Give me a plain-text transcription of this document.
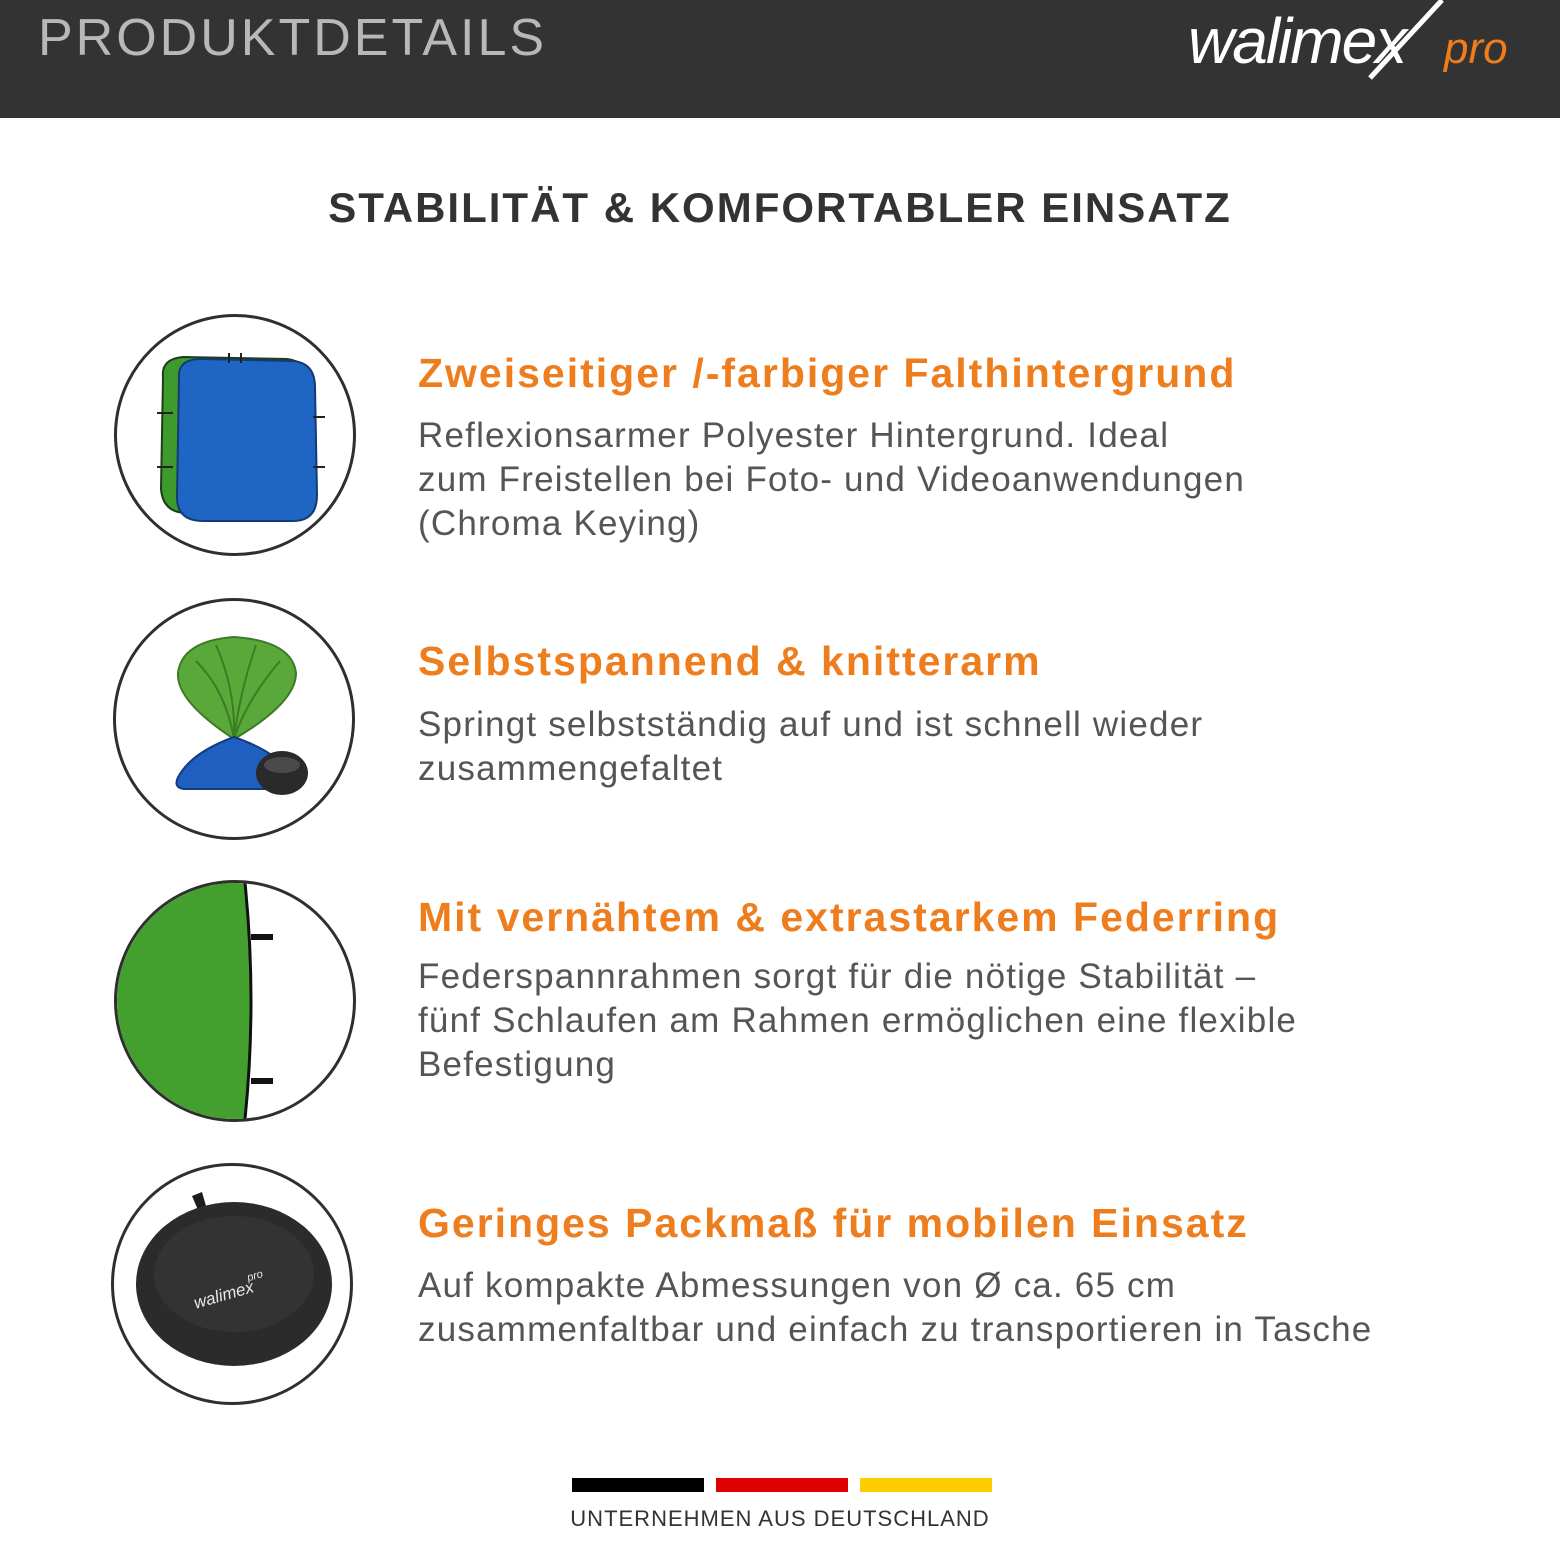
PRODUKTDETAILS	walimex pro
STABILITÄT & KOMFORTABLER EINSATZ
Zweiseitiger /-farbiger Falthintergrund
Reflexionsarmer Polyester Hintergrund. Ideal
zum Freistellen bei Foto- und Videoanwendungen
(Chroma Keying)
Selbstspannend & knitterarm
Springt selbstständig auf und ist schnell wieder
zusammengefaltet
Mit vernähtem & extrastarkem Federring
Federspannrahmen sorgt für die nötige Stabilität –
fünf Schlaufen am Rahmen ermöglichen eine flexible
Befestigung
walimex
pro
Geringes Packmaß für mobilen Einsatz
Auf kompakte Abmessungen von Ø ca. 65 cm
zusammenfaltbar und einfach zu transportieren in Tasche
UNTERNEHMEN AUS DEUTSCHLAND
